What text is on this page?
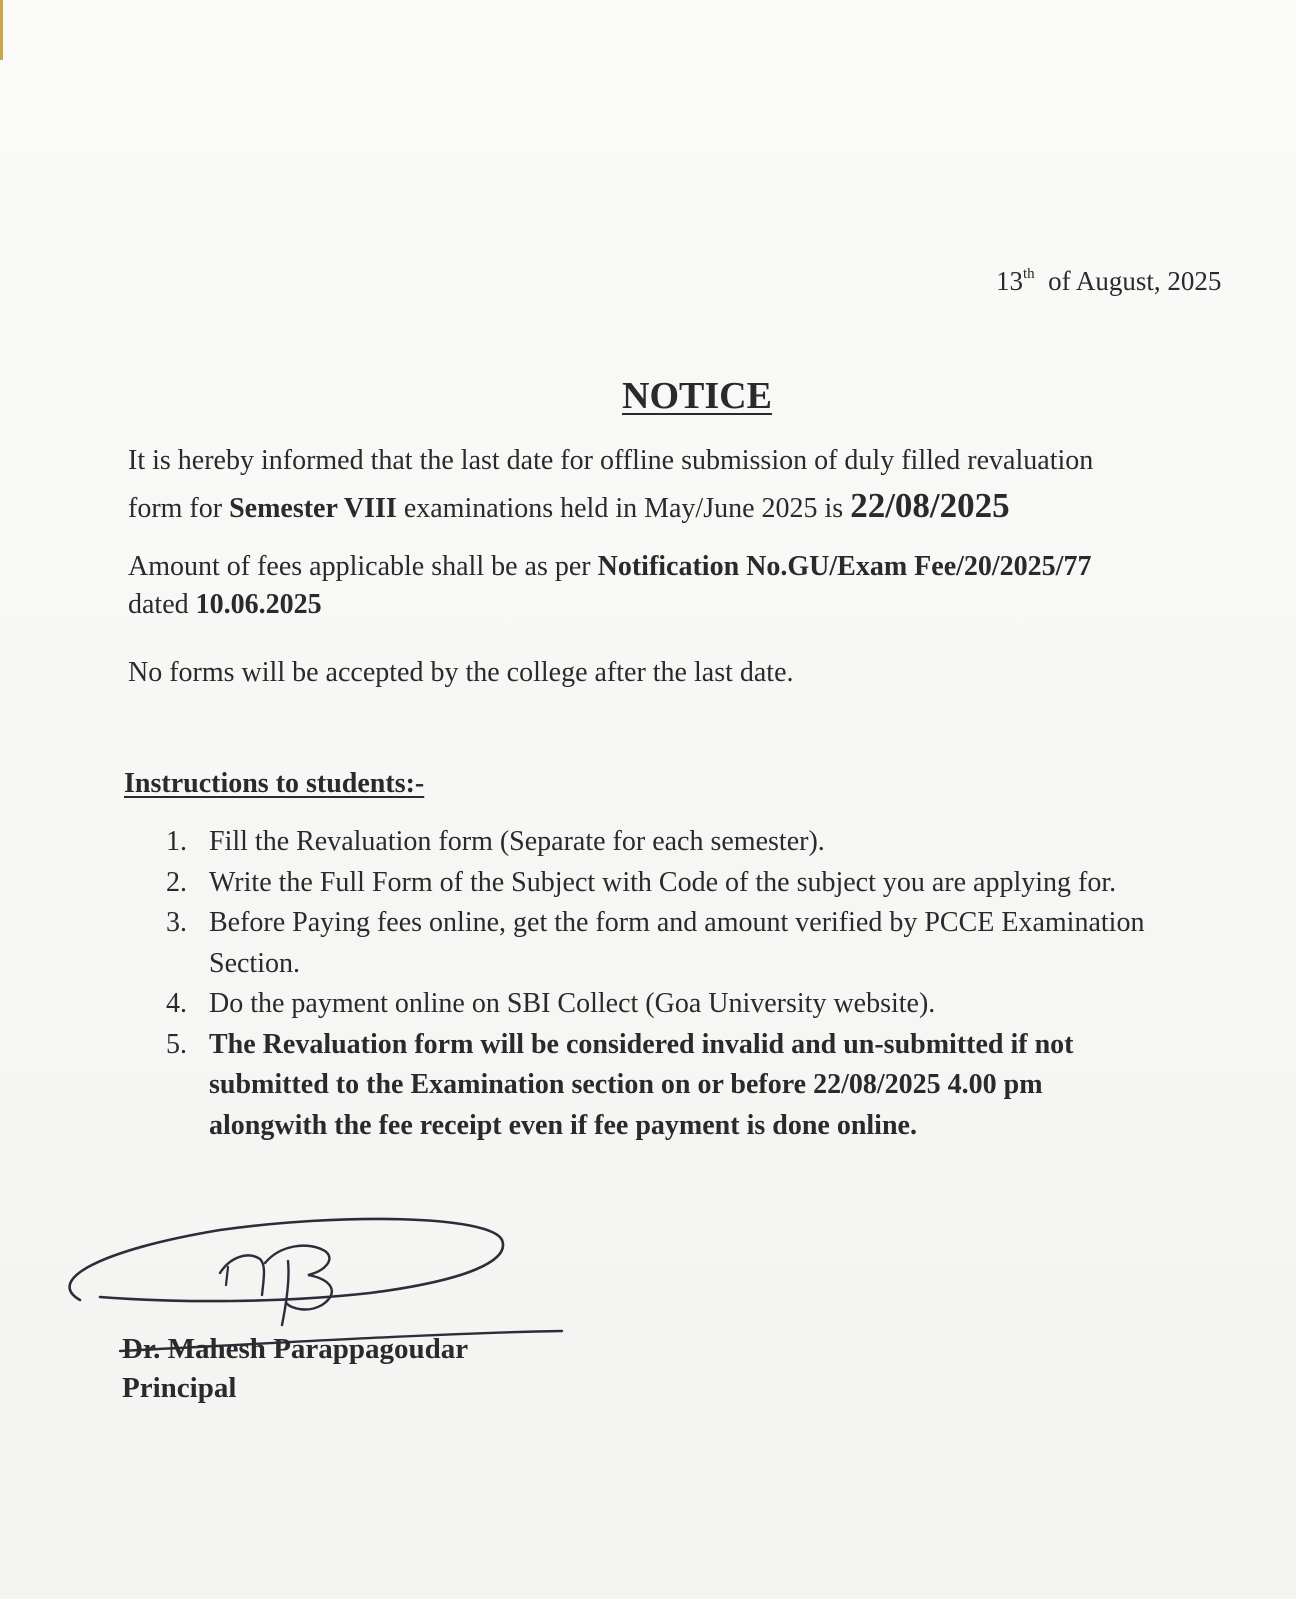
13th of August, 2025
NOTICE
It is hereby informed that the last date for offline submission of duly filled revaluation
form for Semester VIII examinations held in May/June 2025 is 22/08/2025
Amount of fees applicable shall be as per Notification No.GU/Exam Fee/20/2025/77
dated 10.06.2025
No forms will be accepted by the college after the last date.
Instructions to students:-
1. Fill the Revaluation form (Separate for each semester).
2. Write the Full Form of the Subject with Code of the subject you are applying for.
3. Before Paying fees online, get the form and amount verified by PCCE Examination
Section.
4. Do the payment online on SBI Collect (Goa University website).
5. The Revaluation form will be considered invalid and un-submitted if not
submitted to the Examination section on or before 22/08/2025 4.00 pm
alongwith the fee receipt even if fee payment is done online.
Dr. Mahesh Parappagoudar
Principal
